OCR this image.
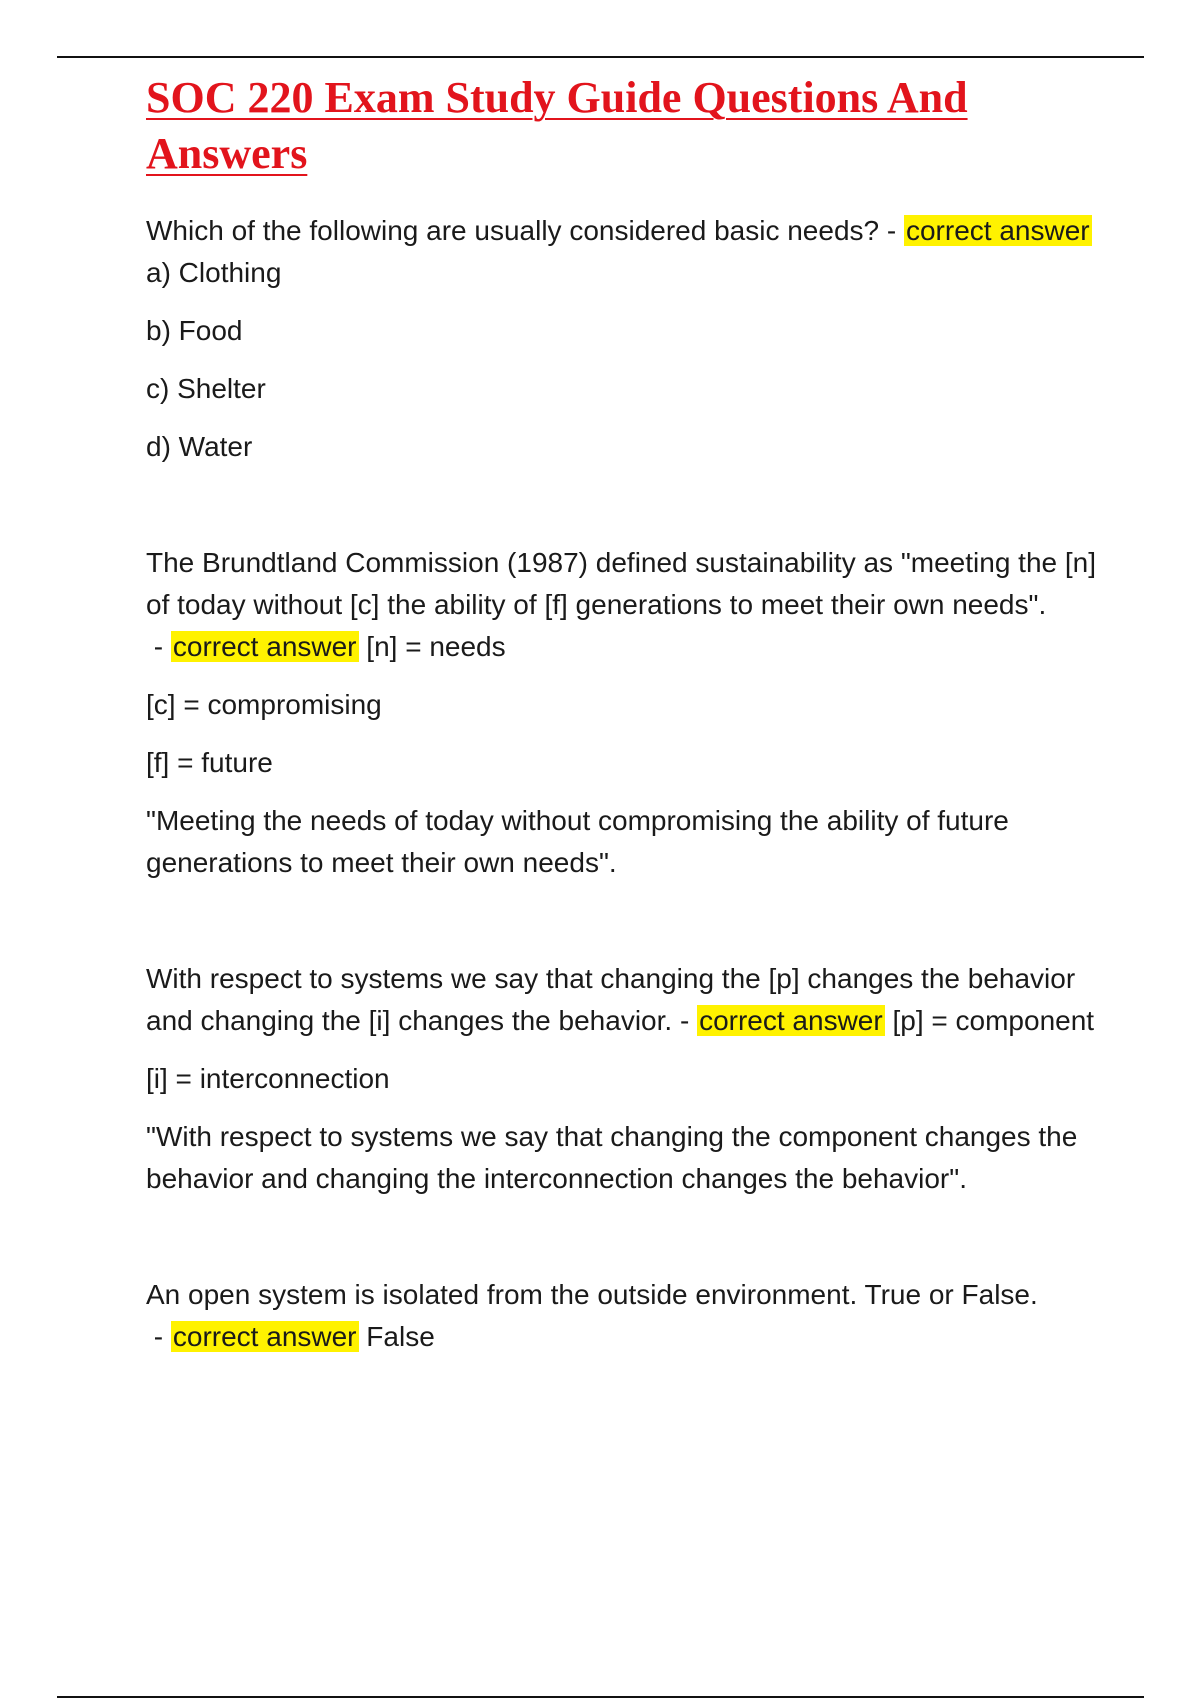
SOC 220 Exam Study Guide Questions And Answers

Which of the following are usually considered basic needs? - correct answer a) Clothing

b) Food

c) Shelter

d) Water

The Brundtland Commission (1987) defined sustainability as "meeting the [n] of today without [c] the ability of [f] generations to meet their own needs". - correct answer [n] = needs

[c] = compromising

[f] = future

"Meeting the needs of today without compromising the ability of future generations to meet their own needs".

With respect to systems we say that changing the [p] changes the behavior and changing the [i] changes the behavior. - correct answer [p] = component

[i] = interconnection

"With respect to systems we say that changing the component changes the behavior and changing the interconnection changes the behavior".

An open system is isolated from the outside environment. True or False. - correct answer False
